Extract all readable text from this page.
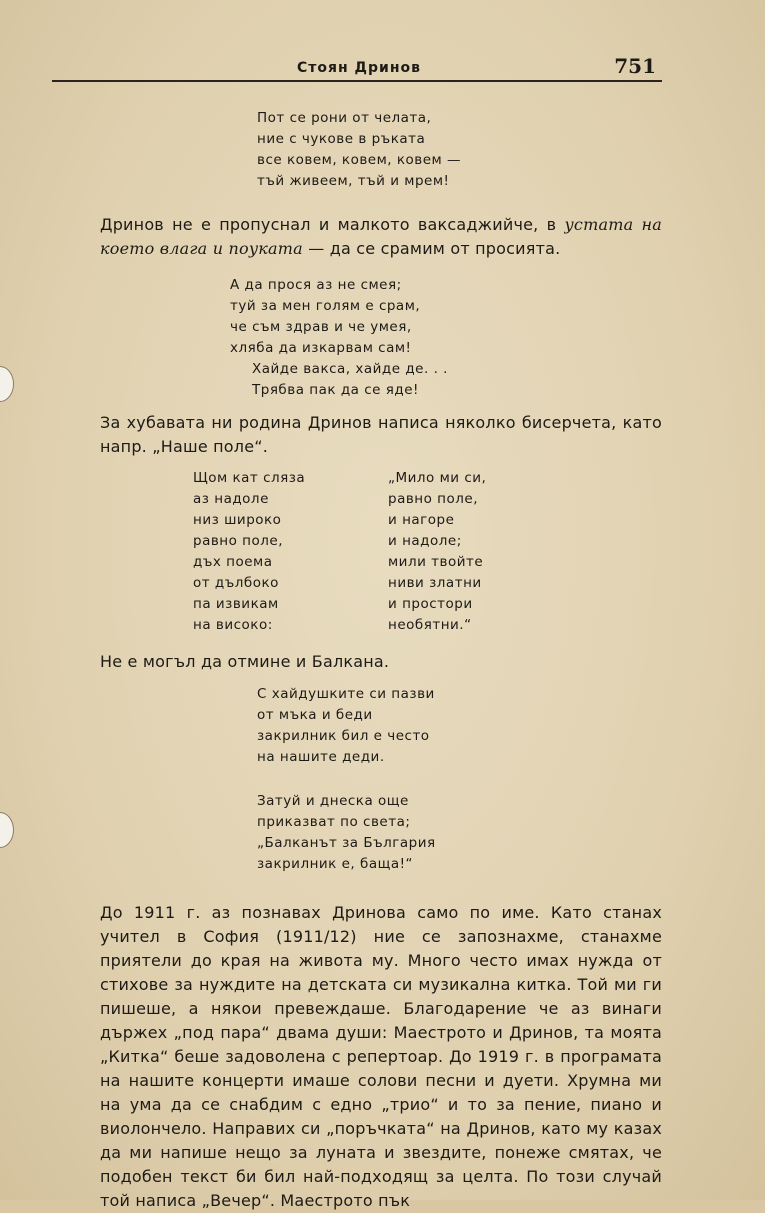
Стоян Дринов	751
Пот се рони от челата,
ние с чукове в ръката
все ковем, ковем, ковем —
тъй живеем, тъй и мрем!
Дринов не е пропуснал и малкото ваксаджийче, в устата на което влага и поуката — да се срамим от просията.
А да прося аз не смея;
туй за мен голям е срам,
че съм здрав и че умея,
хляба да изкарвам сам!
Хайде вакса, хайде де. . .
Трябва пак да се яде!
За хубавата ни родина Дринов написа няколко бисерчета, като напр. „Наше поле“.
Щом кат сляза
аз надоле
низ широко
равно поле,
дъх поема
от дълбоко
па извикам
на високо:
„Мило ми си,
равно поле,
и нагоре
и надоле;
мили твойте
ниви златни
и простори
необятни.“
Не е могъл да отмине и Балкана.
С хайдушките си пазви
от мъка и беди
закрилник бил е често
на нашите деди.
Затуй и днеска още
приказват по света;
„Балканът за България
закрилник е, баща!“
До 1911 г. аз познавах Дринова само по име. Като станах учител в София (1911/12) ние се запознахме, станахме приятели до края на живота му. Много често имах нужда от стихове за нуждите на детската си музикална китка. Той ми ги пишеше, а някои превеждаше. Благодарение че аз винаги държех „под пара“ двама души: Маестрото и Дринов, та моята „Китка“ беше задоволена с репертоар. До 1919 г. в програмата на нашите концерти имаше солови песни и дуети. Хрумна ми на ума да се снабдим с едно „трио“ и то за пение, пиано и виолончело. Направих си „поръчката“ на Дринов, като му казах да ми напише нещо за луната и звездите, понеже смятах, че подобен текст би бил най-подходящ за целта. По този случай той написа „Вечер“. Маестрото пък
